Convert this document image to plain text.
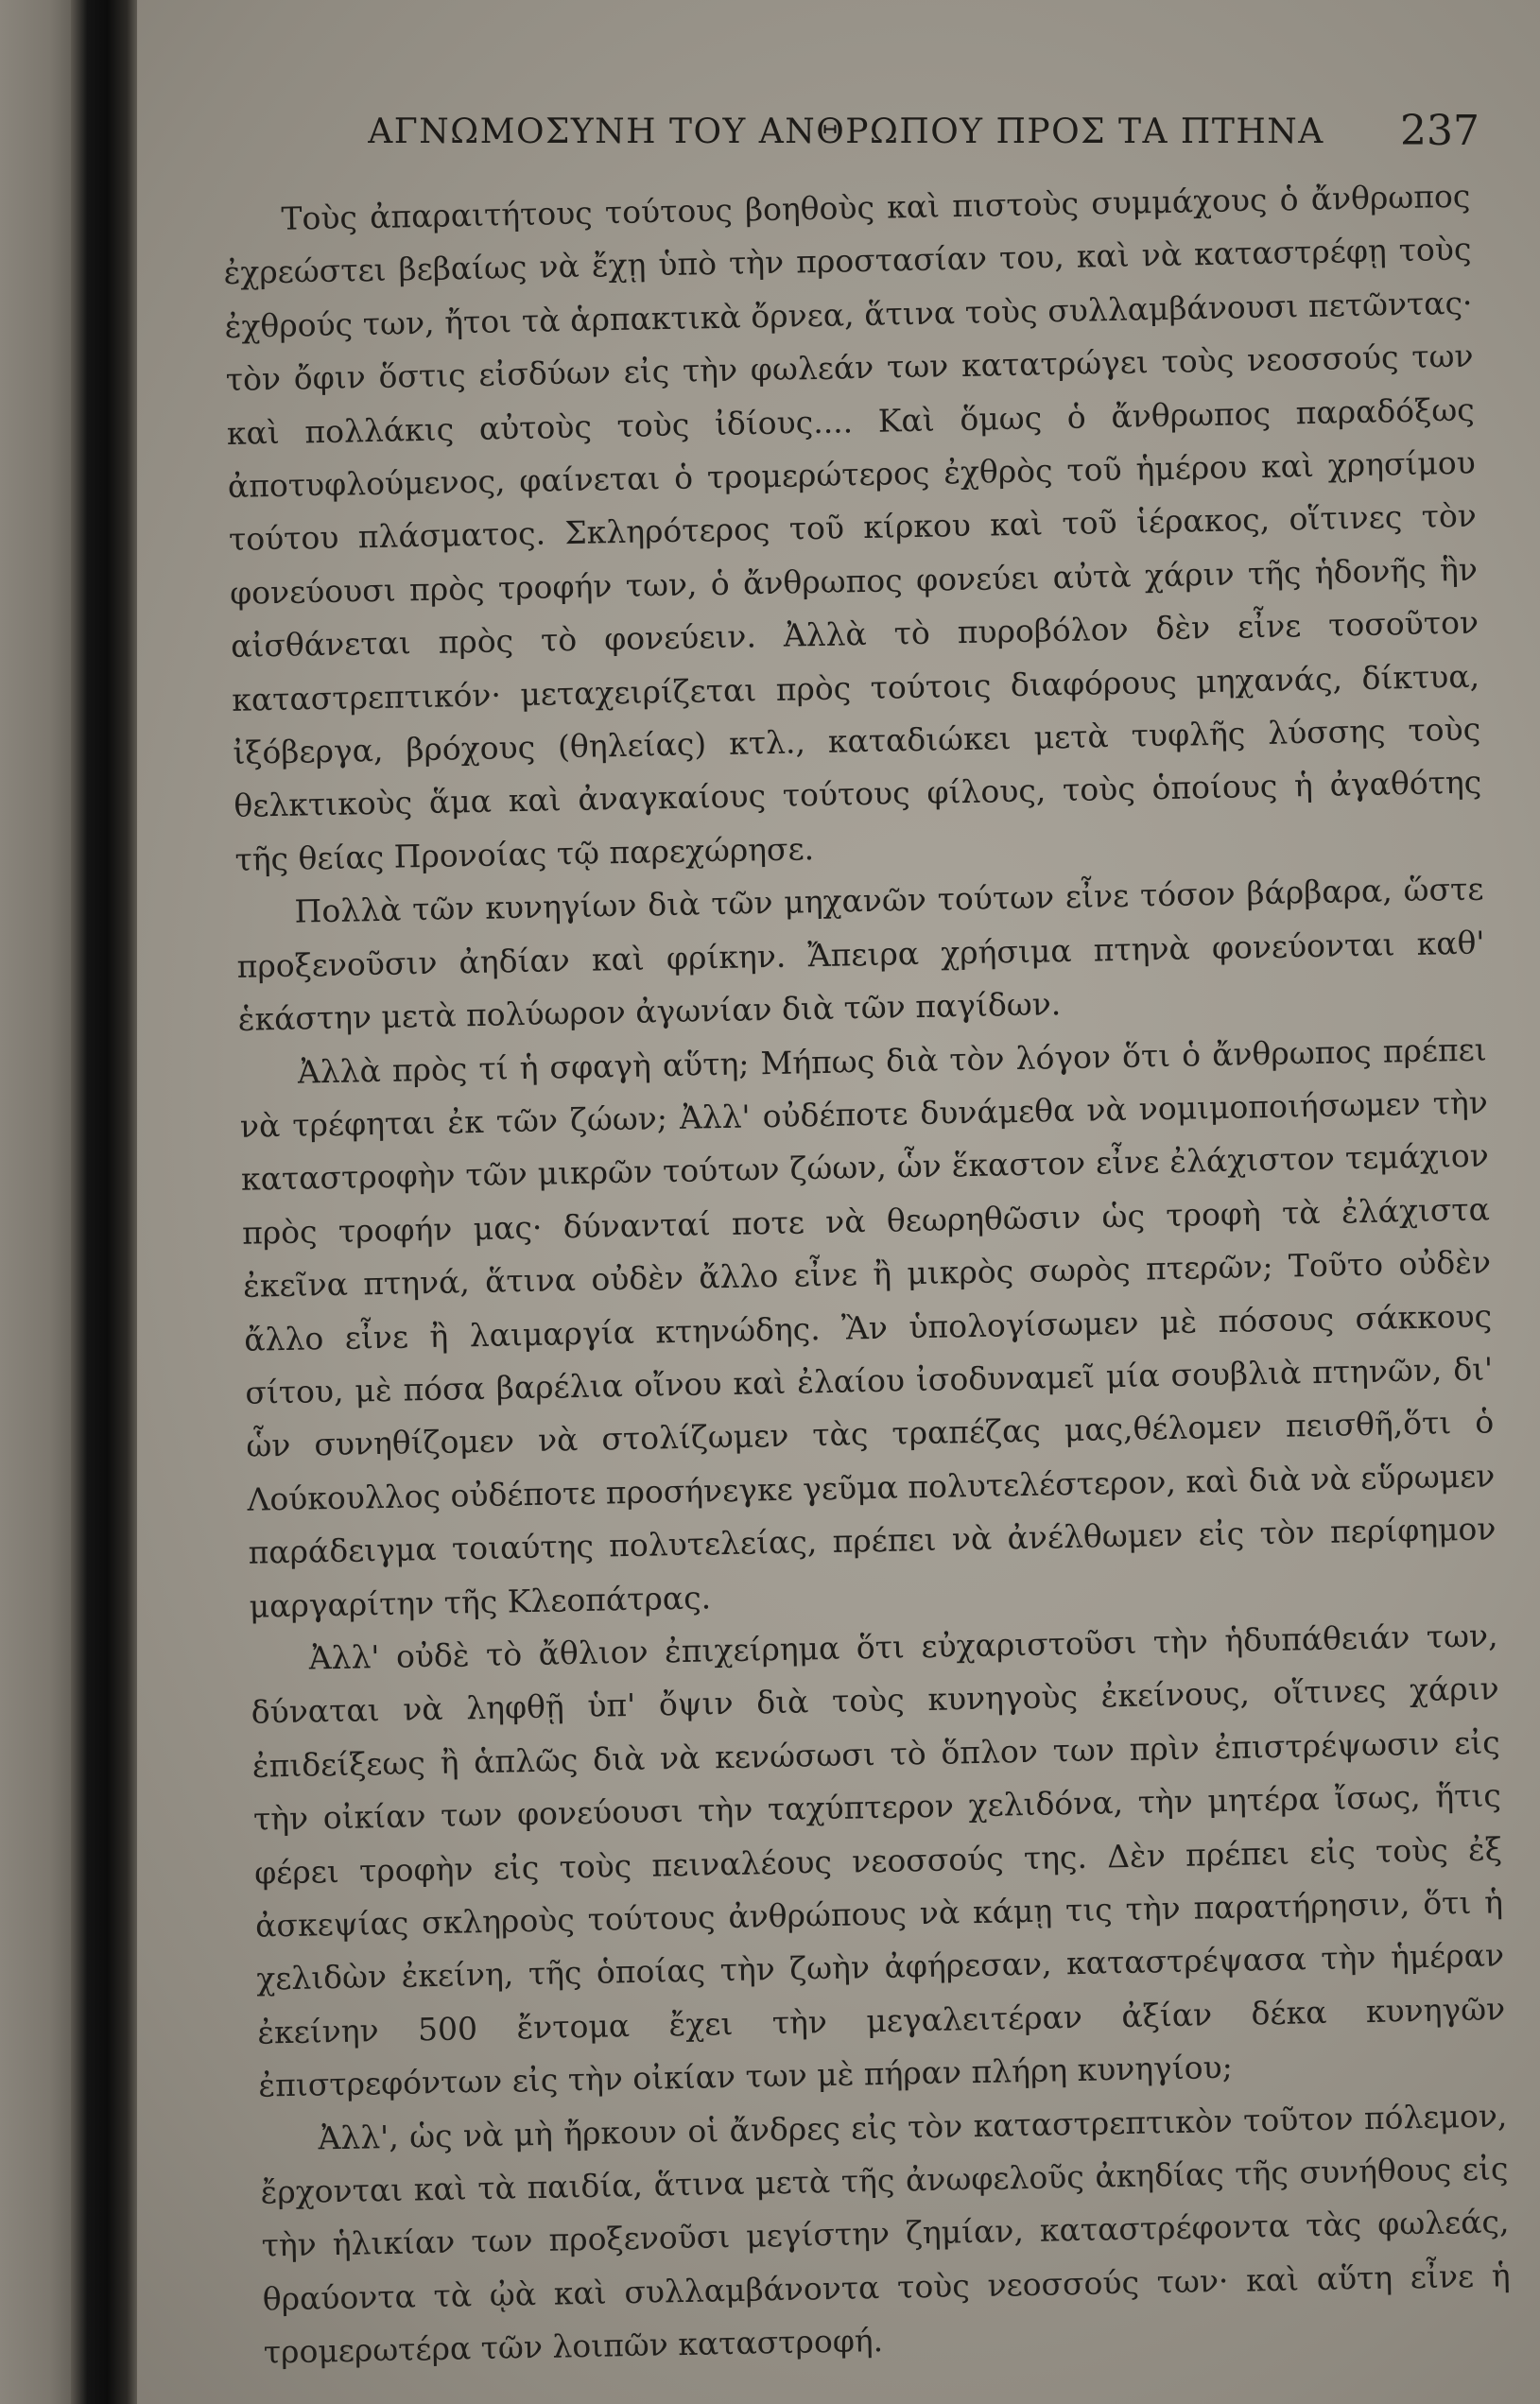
ΑΓΝΩΜΟΣΥΝΗ ΤΟΥ ΑΝΘΡΩΠΟΥ ΠΡΟΣ ΤΑ ΠΤΗΝΑ	237

Τοὺς ἀπαραιτήτους τούτους βοηθοὺς καὶ πιστοὺς συμμάχους ὁ ἄνθρωπος ἐχρεώστει βεβαίως νὰ ἔχῃ ὑπὸ τὴν προστασίαν του, καὶ νὰ καταστρέφῃ τοὺς ἐχθρούς των, ἤτοι τὰ ἁρπακτικὰ ὄρνεα, ἅτινα τοὺς συλλαμβάνουσι πετῶντας· τὸν ὄφιν ὅστις εἰσδύων εἰς τὴν φωλεάν των κατατρώγει τοὺς νεοσσούς των καὶ πολλάκις αὐτοὺς τοὺς ἰδίους.... Καὶ ὅμως ὁ ἄνθρωπος παραδόξως ἀποτυφλούμενος, φαίνεται ὁ τρομερώτερος ἐχθρὸς τοῦ ἡμέρου καὶ χρησίμου τούτου πλάσματος. Σκληρότερος τοῦ κίρκου καὶ τοῦ ἱέρακος, οἵτινες τὸν φονεύουσι πρὸς τροφήν των, ὁ ἄνθρωπος φονεύει αὐτὰ χάριν τῆς ἡδονῆς ἣν αἰσθάνεται πρὸς τὸ φονεύειν. Ἀλλὰ τὸ πυροβόλον δὲν εἶνε τοσοῦτον καταστρεπτικόν· μεταχειρίζεται πρὸς τούτοις διαφόρους μηχανάς, δίκτυα, ἰξόβεργα, βρόχους (θηλείας) κτλ., καταδιώκει μετὰ τυφλῆς λύσσης τοὺς θελκτικοὺς ἅμα καὶ ἀναγκαίους τούτους φίλους, τοὺς ὁποίους ἡ ἀγαθότης τῆς θείας Προνοίας τῷ παρεχώρησε.

Πολλὰ τῶν κυνηγίων διὰ τῶν μηχανῶν τούτων εἶνε τόσον βάρβαρα, ὥστε προξενοῦσιν ἀηδίαν καὶ φρίκην. Ἄπειρα χρήσιμα πτηνὰ φονεύονται καθ' ἑκάστην μετὰ πολύωρον ἀγωνίαν διὰ τῶν παγίδων.

Ἀλλὰ πρὸς τί ἡ σφαγὴ αὕτη; Μήπως διὰ τὸν λόγον ὅτι ὁ ἄνθρωπος πρέπει νὰ τρέφηται ἐκ τῶν ζώων; Ἀλλ' οὐδέποτε δυνάμεθα νὰ νομιμοποιήσωμεν τὴν καταστροφὴν τῶν μικρῶν τούτων ζώων, ὧν ἕκαστον εἶνε ἐλάχιστον τεμάχιον πρὸς τροφήν μας· δύνανταί ποτε νὰ θεωρηθῶσιν ὡς τροφὴ τὰ ἐλάχιστα ἐκεῖνα πτηνά, ἅτινα οὐδὲν ἄλλο εἶνε ἢ μικρὸς σωρὸς πτερῶν; Τοῦτο οὐδὲν ἄλλο εἶνε ἢ λαιμαργία κτηνώδης. Ἂν ὑπολογίσωμεν μὲ πόσους σάκκους σίτου, μὲ πόσα βαρέλια οἴνου καὶ ἐλαίου ἰσοδυναμεῖ μία σουβλιὰ πτηνῶν, δι' ὧν συνηθίζομεν νὰ στολίζωμεν τὰς τραπέζας μας,θέλομεν πεισθῆ,ὅτι ὁ Λούκουλλος οὐδέποτε προσήνεγκε γεῦμα πολυτελέστερον, καὶ διὰ νὰ εὕρωμεν παράδειγμα τοιαύτης πολυτελείας, πρέπει νὰ ἀνέλθωμεν εἰς τὸν περίφημον μαργαρίτην τῆς Κλεοπάτρας.

Ἀλλ' οὐδὲ τὸ ἄθλιον ἐπιχείρημα ὅτι εὐχαριστοῦσι τὴν ἡδυπάθειάν των, δύναται νὰ ληφθῇ ὑπ' ὄψιν διὰ τοὺς κυνηγοὺς ἐκείνους, οἵτινες χάριν ἐπιδείξεως ἢ ἁπλῶς διὰ νὰ κενώσωσι τὸ ὅπλον των πρὶν ἐπιστρέψωσιν εἰς τὴν οἰκίαν των φονεύουσι τὴν ταχύπτερον χελιδόνα, τὴν μητέρα ἴσως, ἥτις φέρει τροφὴν εἰς τοὺς πειναλέους νεοσσούς της. Δὲν πρέπει εἰς τοὺς ἐξ ἀσκεψίας σκληροὺς τούτους ἀνθρώπους νὰ κάμῃ τις τὴν παρατήρησιν, ὅτι ἡ χελιδὼν ἐκείνη, τῆς ὁποίας τὴν ζωὴν ἀφήρεσαν, καταστρέψασα τὴν ἡμέραν ἐκείνην 500 ἔντομα ἔχει τὴν μεγαλειτέραν ἀξίαν δέκα κυνηγῶν ἐπιστρεφόντων εἰς τὴν οἰκίαν των μὲ πήραν πλήρη κυνηγίου;

Ἀλλ', ὡς νὰ μὴ ἤρκουν οἱ ἄνδρες εἰς τὸν καταστρεπτικὸν τοῦτον πόλεμον, ἔρχονται καὶ τὰ παιδία, ἅτινα μετὰ τῆς ἀνωφελοῦς ἀκηδίας τῆς συνήθους εἰς τὴν ἡλικίαν των προξενοῦσι μεγίστην ζημίαν, καταστρέφοντα τὰς φωλεάς, θραύοντα τὰ ᾠὰ καὶ συλλαμβάνοντα τοὺς νεοσσούς των· καὶ αὕτη εἶνε ἡ τρομερωτέρα τῶν λοιπῶν καταστροφή.
